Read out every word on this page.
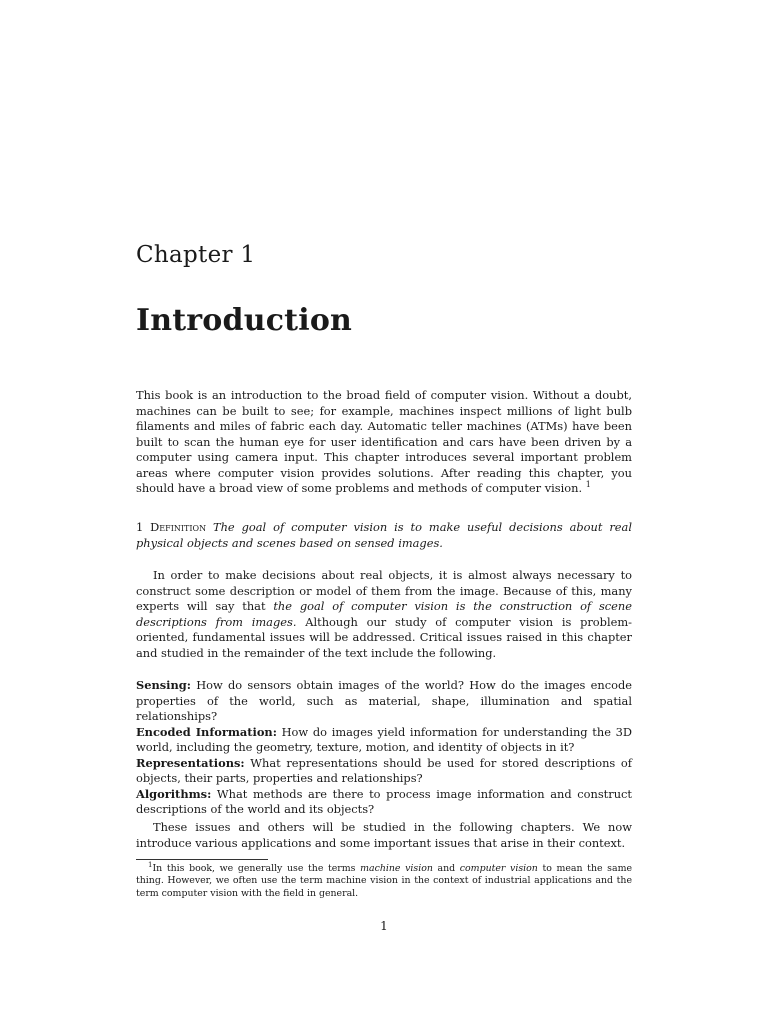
Chapter 1
Introduction
This book is an introduction to the broad field of computer vision. Without a doubt, machines can be built to see; for example, machines inspect millions of light bulb filaments and miles of fabric each day. Automatic teller machines (ATMs) have been built to scan the human eye for user identification and cars have been driven by a computer using camera input. This chapter introduces several important problem areas where computer vision provides solutions. After reading this chapter, you should have a broad view of some problems and methods of computer vision. $^1$
1 Definition The goal of computer vision is to make useful decisions about real physical objects and scenes based on sensed images.
In order to make decisions about real objects, it is almost always necessary to construct some description or model of them from the image. Because of this, many experts will say that the goal of computer vision is the construction of scene descriptions from images. Although our study of computer vision is problem-oriented, fundamental issues will be addressed. Critical issues raised in this chapter and studied in the remainder of the text include the following.
Sensing: How do sensors obtain images of the world? How do the images encode properties of the world, such as material, shape, illumination and spatial relationships?
Encoded Information: How do images yield information for understanding the 3D world, including the geometry, texture, motion, and identity of objects in it?
Representations: What representations should be used for stored descriptions of objects, their parts, properties and relationships?
Algorithms: What methods are there to process image information and construct descriptions of the world and its objects?
These issues and others will be studied in the following chapters. We now introduce various applications and some important issues that arise in their context.
$^1$In this book, we generally use the terms machine vision and computer vision to mean the same thing. However, we often use the term machine vision in the context of industrial applications and the term computer vision with the field in general.
1
